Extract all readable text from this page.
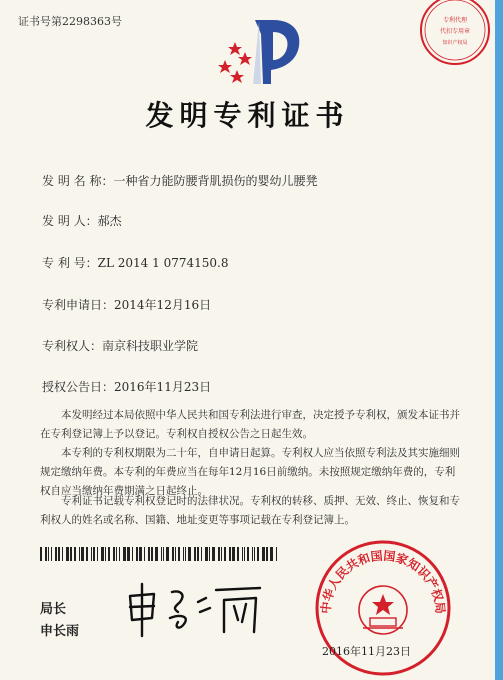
证书号第2298363号	专利代理
代扣专用章
知识产权局
发明专利证书
发 明 名 称：一种省力能防腰背肌损伤的婴幼儿腰凳
发 明 人：郝杰
专 利 号：ZL 2014 1 0774150.8
专利申请日：2014年12月16日
专利权人：南京科技职业学院
授权公告日：2016年11月23日
本发明经过本局依照中华人民共和国专利法进行审查，决定授予专利权，颁发本证书并在专利登记簿上予以登记。专利权自授权公告之日起生效。
本专利的专利权期限为二十年，自申请日起算。专利权人应当依照专利法及其实施细则规定缴纳年费。本专利的年费应当在每年12月16日前缴纳。未按照规定缴纳年费的，专利权自应当缴纳年费期满之日起终止。
专利证书记载专利权登记时的法律状况。专利权的转移、质押、无效、终止、恢复和专利权人的姓名或名称、国籍、地址变更等事项记载在专利登记簿上。
局长
申长雨
中华人民共和国国家知识产权局
2016年11月23日
